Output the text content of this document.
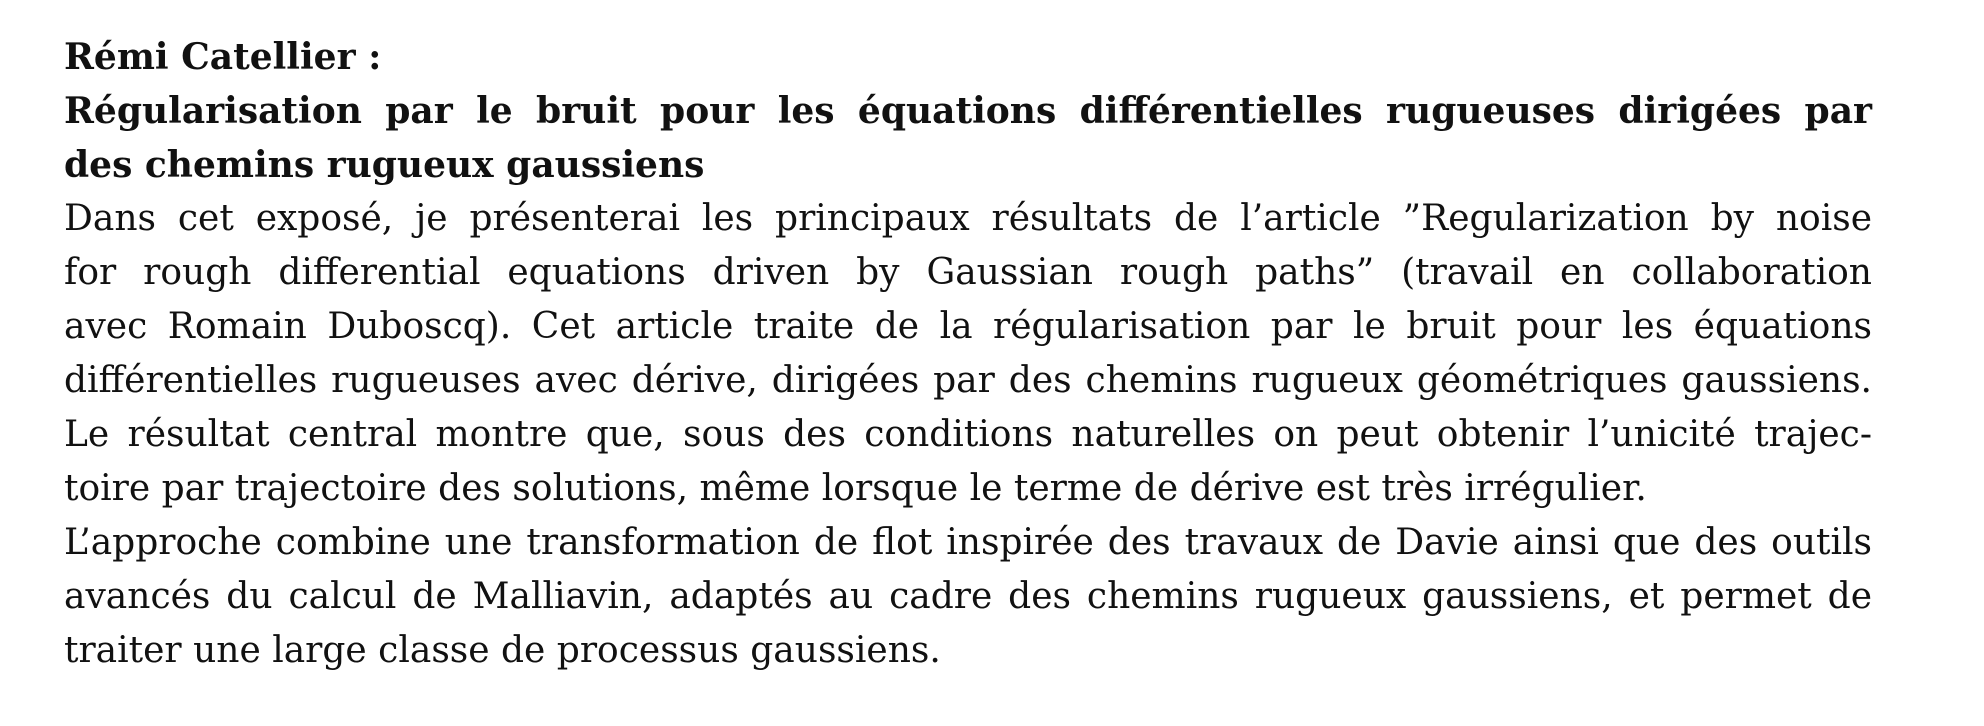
Rémi Catellier :

Régularisation par le bruit pour les équations différentielles rugueuses dirigées par
des chemins rugueux gaussiens
Dans cet exposé, je présenterai les principaux résultats de l’article ”Regularization by noise
for rough differential equations driven by Gaussian rough paths” (travail en collaboration
avec Romain Duboscq). Cet article traite de la régularisation par le bruit pour les équations
différentielles rugueuses avec dérive, dirigées par des chemins rugueux géométriques gaussiens.
Le résultat central montre que, sous des conditions naturelles on peut obtenir l’unicité trajec-
toire par trajectoire des solutions, même lorsque le terme de dérive est très irrégulier.
L’approche combine une transformation de flot inspirée des travaux de Davie ainsi que des outils
avancés du calcul de Malliavin, adaptés au cadre des chemins rugueux gaussiens, et permet de
traiter une large classe de processus gaussiens.
